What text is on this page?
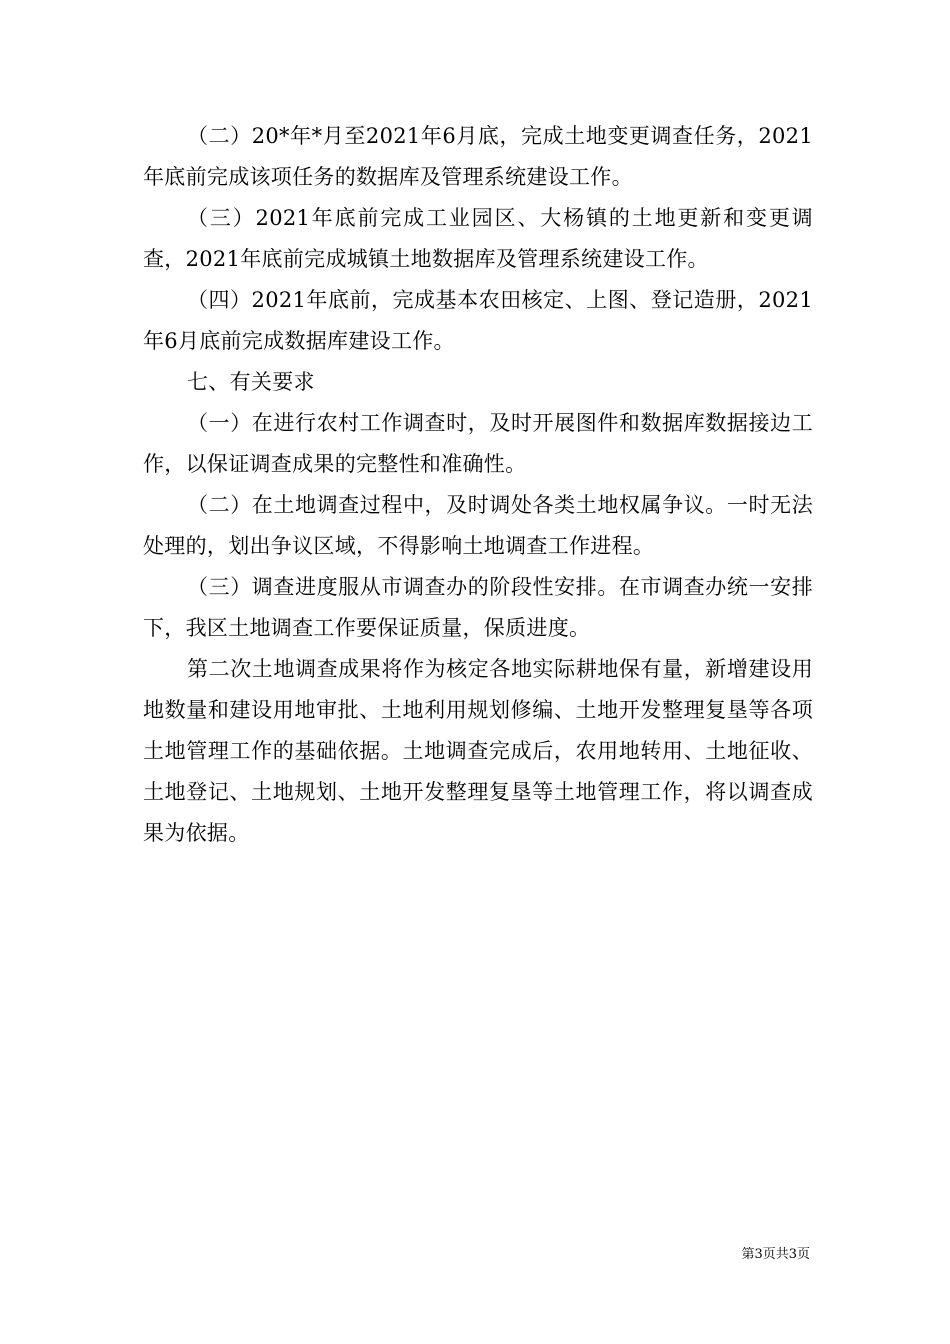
（二）20*年*月至2021年6月底，完成土地变更调查任务，2021年底前完成该项任务的数据库及管理系统建设工作。

（三）2021年底前完成工业园区、大杨镇的土地更新和变更调查，2021年底前完成城镇土地数据库及管理系统建设工作。

（四）2021年底前，完成基本农田核定、上图、登记造册，2021年6月底前完成数据库建设工作。

七、有关要求

（一）在进行农村工作调查时，及时开展图件和数据库数据接边工作，以保证调查成果的完整性和准确性。

（二）在土地调查过程中，及时调处各类土地权属争议。一时无法处理的，划出争议区域，不得影响土地调查工作进程。

（三）调查进度服从市调查办的阶段性安排。在市调查办统一安排下，我区土地调查工作要保证质量，保质进度。

第二次土地调查成果将作为核定各地实际耕地保有量，新增建设用地数量和建设用地审批、土地利用规划修编、土地开发整理复垦等各项土地管理工作的基础依据。土地调查完成后，农用地转用、土地征收、土地登记、土地规划、土地开发整理复垦等土地管理工作，将以调查成果为依据。

第3页共3页
